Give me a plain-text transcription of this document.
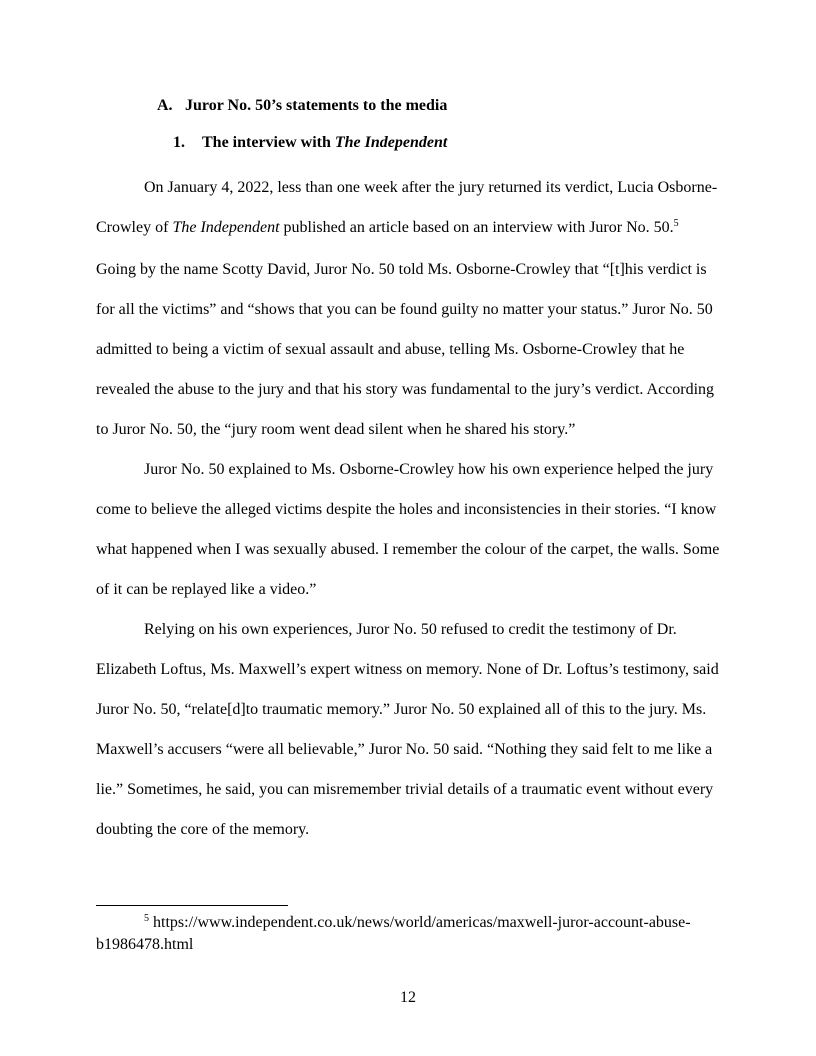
A. Juror No. 50’s statements to the media
1. The interview with The Independent

On January 4, 2022, less than one week after the jury returned its verdict, Lucia Osborne-Crowley of The Independent published an article based on an interview with Juror No. 50.$^5$ Going by the name Scotty David, Juror No. 50 told Ms. Osborne-Crowley that “[t]his verdict is for all the victims” and “shows that you can be found guilty no matter your status.” Juror No. 50 admitted to being a victim of sexual assault and abuse, telling Ms. Osborne-Crowley that he revealed the abuse to the jury and that his story was fundamental to the jury’s verdict. According to Juror No. 50, the “jury room went dead silent when he shared his story.”

Juror No. 50 explained to Ms. Osborne-Crowley how his own experience helped the jury come to believe the alleged victims despite the holes and inconsistencies in their stories. “I know what happened when I was sexually abused. I remember the colour of the carpet, the walls. Some of it can be replayed like a video.”

Relying on his own experiences, Juror No. 50 refused to credit the testimony of Dr. Elizabeth Loftus, Ms. Maxwell’s expert witness on memory. None of Dr. Loftus’s testimony, said Juror No. 50, “relate[d]to traumatic memory.” Juror No. 50 explained all of this to the jury. Ms. Maxwell’s accusers “were all believable,” Juror No. 50 said. “Nothing they said felt to me like a lie.” Sometimes, he said, you can misremember trivial details of a traumatic event without every doubting the core of the memory.

$^5$ https://www.independent.co.uk/news/world/americas/maxwell-juror-account-abuse-b1986478.html
12
